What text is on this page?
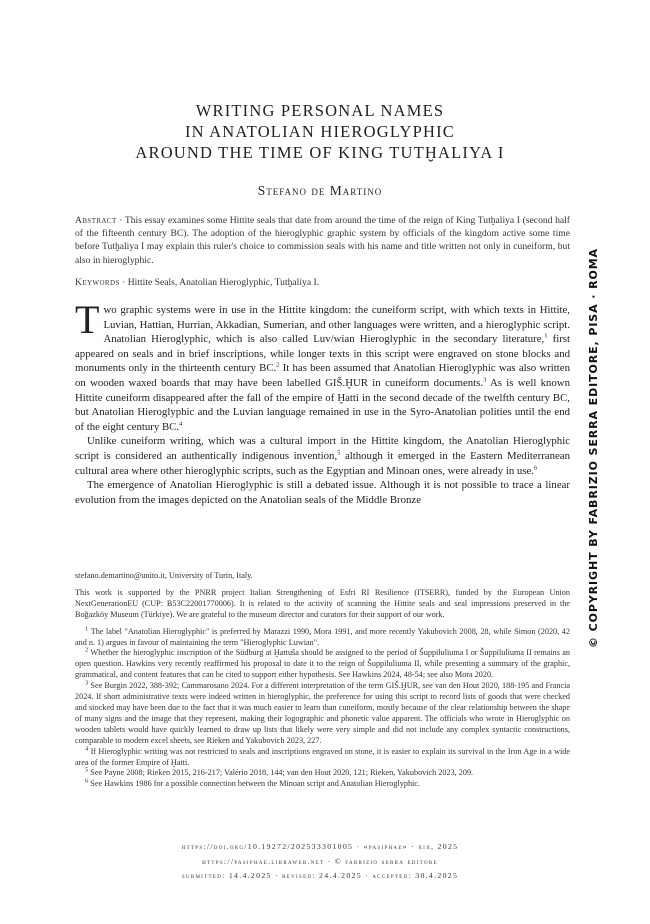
WRITING PERSONAL NAMES
IN ANATOLIAN HIEROGLYPHIC
AROUND THE TIME OF KING TUTḪALIYA I
Stefano de Martino
Abstract · This essay examines some Hittite seals that date from around the time of the reign of King Tutḫaliya I (second half of the fifteenth century BC). The adoption of the hieroglyphic graphic system by officials of the kingdom active some time before Tutḫaliya I may explain this ruler's choice to commission seals with his name and title written not only in cuneiform, but also in hieroglyphic.
Keywords · Hittite Seals, Anatolian Hieroglyphic, Tutḫaliya I.

Two graphic systems were in use in the Hittite kingdom: the cuneiform script, with which texts in Hittite, Luvian, Hattian, Hurrian, Akkadian, Sumerian, and other languages were written, and a hieroglyphic script. Anatolian Hieroglyphic, which is also called Luv/wian Hieroglyphic in the secondary literature,$^1$ first appeared on seals and in brief inscriptions, while longer texts in this script were engraved on stone blocks and monuments only in the thirteenth century BC.$^2$ It has been assumed that Anatolian Hieroglyphic was also written on wooden waxed boards that may have been labelled GIŠ.ḪUR in cuneiform documents.$^3$ As is well known Hittite cuneiform disappeared after the fall of the empire of Ḫatti in the second decade of the twelfth century BC, but Anatolian Hieroglyphic and the Luvian language remained in use in the Syro-Anatolian polities until the end of the eight century BC.$^4$

Unlike cuneiform writing, which was a cultural import in the Hittite kingdom, the Anatolian Hieroglyphic script is considered an authentically indigenous invention,$^5$ although it emerged in the Eastern Mediterranean cultural area where other hieroglyphic scripts, such as the Egyptian and Minoan ones, were already in use.$^6$

The emergence of Anatolian Hieroglyphic is still a debated issue. Although it is not possible to trace a linear evolution from the images depicted on the Anatolian seals of the Middle Bronze

stefano.demartino@unito.it, University of Turin, Italy.

This work is supported by the PNRR project Italian Strengthening of Esfri RI Resilience (ITSERR), funded by the European Union NextGenerationEU (CUP: B53C22001770006). It is related to the activity of scanning the Hittite seals and seal impressions preserved in the Boğazköy Museum (Türkiye). We are grateful to the museum director and curators for their support of our work.

$^1$ The label "Anatolian Hieroglyphic" is preferred by Marazzi 1990, Mora 1991, and more recently Yakubovich 2008, 28, while Simon (2020, 42 and n. 1) argues in favour of maintaining the term "Hieroglyphic Luwian".

$^2$ Whether the hieroglyphic inscription of the Südburg at Ḫattuša should be assigned to the period of Šuppiluliuma I or Šuppiluliuma II remains an open question. Hawkins very recently reaffirmed his proposal to date it to the reign of Šuppiluliuma II, while presenting a summary of the graphic, grammatical, and content features that can be cited to support either hypothesis. See Hawkins 2024, 48-54; see also Mora 2020.

$^3$ See Burgin 2022, 388-392; Cammarosano 2024. For a different interpretation of the term GIŠ.ḪUR, see van den Hout 2020, 188-195 and Francia 2024. If short administrative texts were indeed written in hieroglyphic, the preference for using this script to record lists of goods that were checked and stocked may have been due to the fact that it was much easier to learn than cuneiform, mostly because of the clear relationship between the shape of many signs and the image that they represent, making their logographic and phonetic value apparent. The officials who wrote in Hieroglyphic on wooden tablets would have quickly learned to draw up lists that likely were very simple and did not include any complex syntactic constructions, comparable to modern excel sheets, see Rieken and Yakubovich 2023, 227.

$^4$ If Hieroglyphic writing was not restricted to seals and inscriptions engraved on stone, it is easier to explain its survival in the Iron Age in a wide area of the former Empire of Ḫatti.

$^5$ See Payne 2008; Rieken 2015, 216-217; Valério 2018, 144; van den Hout 2020, 121; Rieken, Yakubovich 2023, 209.

$^6$ See Hawkins 1986 for a possible connection between the Minoan script and Anatolian Hieroglyphic.

https://doi.org/10.19272/202533301005 · «pasiphae» · xix, 2025
https://pasiphae.libraweb.net · © fabrizio serra editore
submitted: 14.4.2025 · revised: 24.4.2025 · accepted: 30.4.2025
© COPYRIGHT BY FABRIZIO SERRA EDITORE, PISA · ROMA
